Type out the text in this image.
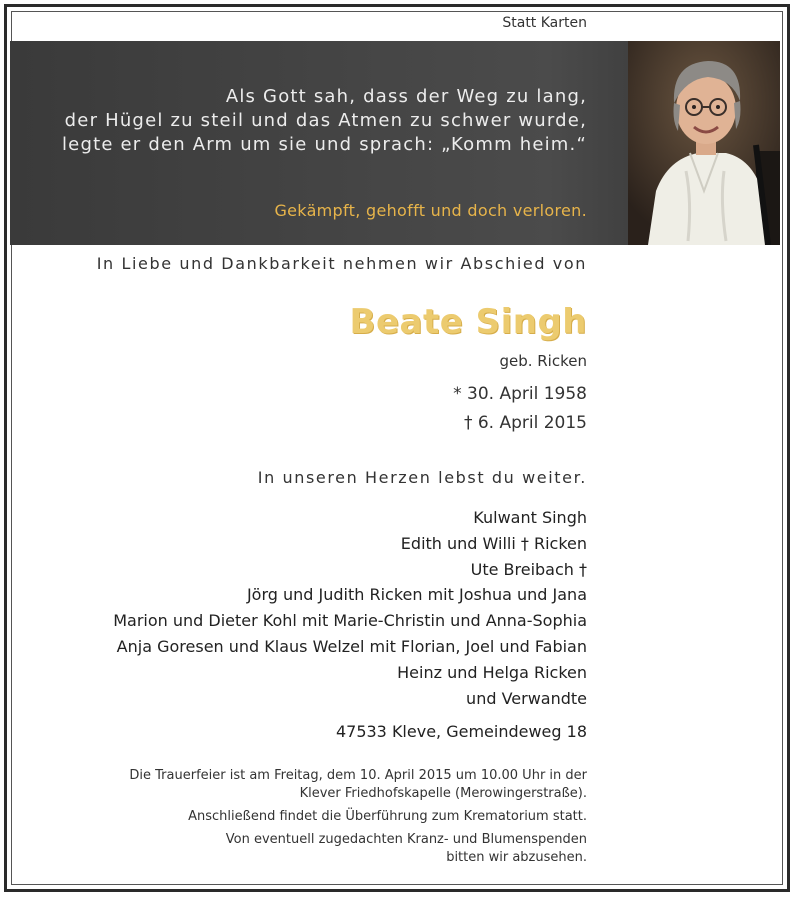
Statt Karten
Als Gott sah, dass der Weg zu lang,
der Hügel zu steil und das Atmen zu schwer wurde,
legte er den Arm um sie und sprach: „Komm heim.“
Gekämpft, gehofft und doch verloren.
In Liebe und Dankbarkeit nehmen wir Abschied von
Beate Singh
geb. Ricken
* 30. April 1958
† 6. April 2015
In unseren Herzen lebst du weiter.
Kulwant Singh
Edith und Willi † Ricken
Ute Breibach †
Jörg und Judith Ricken mit Joshua und Jana
Marion und Dieter Kohl mit Marie-Christin und Anna-Sophia
Anja Goresen und Klaus Welzel mit Florian, Joel und Fabian
Heinz und Helga Ricken
und Verwandte
47533 Kleve, Gemeindeweg 18

Die Trauerfeier ist am Freitag, dem 10. April 2015 um 10.00 Uhr in der
Klever Friedhofskapelle (Merowingerstraße).

Anschließend findet die Überführung zum Krematorium statt.

Von eventuell zugedachten Kranz- und Blumenspenden
bitten wir abzusehen.
